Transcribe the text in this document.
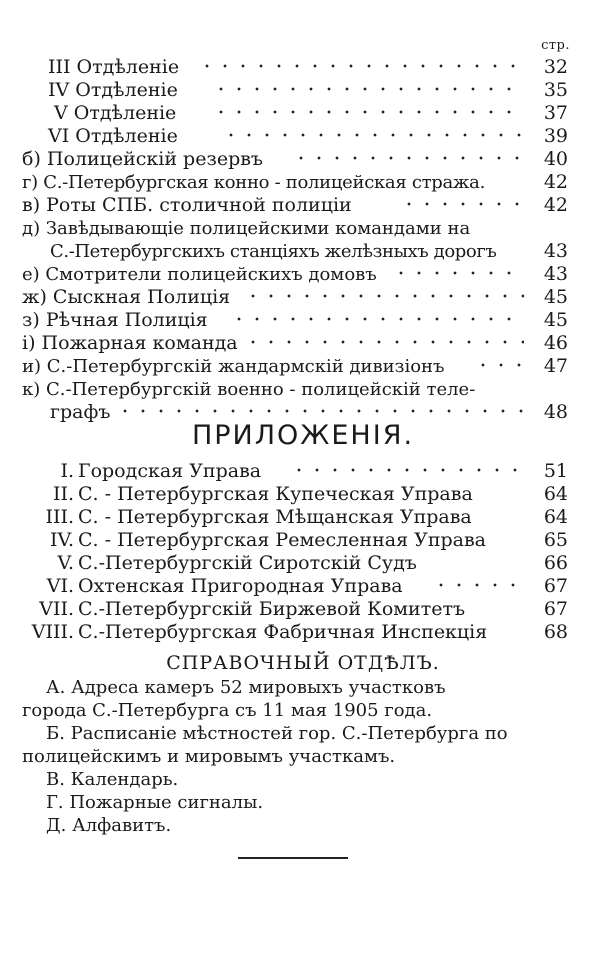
стр.
III Отдѣленіе	32
IV Отдѣленіе	35
V Отдѣленіе	37
VI Отдѣленіе	39
б) Полицейскій резервъ	40
г) С.-Петербургская конно - полицейская стража.	42
в) Роты СПБ. столичной полиціи	42
д) Завѣдывающіе полицейскими командами на
С.-Петербургскихъ станціяхъ желѣзныхъ дорогъ 43
е) Смотрители полицейскихъ домовъ	43
ж) Сыскная Полиція	45
з) Рѣчная Полиція	45
і) Пожарная команда	46
и) С.-Петербургскій жандармскій дивизіонъ	47
к) С.-Петербургскій военно - полицейскій теле-
графъ	48
ПРИЛОЖЕНІЯ.
I. Городская Управа	51
II. С. - Петербургская Купеческая Управа	64
III. С. - Петербургская Мѣщанская Управа	64
IV. С. - Петербургская Ремесленная Управа	65
V. С.-Петербургскій Сиротскій Судъ	66
VI. Охтенская Пригородная Управа	67
VII. С.-Петербургскій Биржевой Комитетъ	67
VIII. С.-Петербургская Фабричная Инспекція	68
СПРАВОЧНЫЙ ОТДѢЛЪ.
А. Адреса камеръ 52 мировыхъ участковъ
города С.-Петербурга съ 11 мая 1905 года.
Б. Расписаніе мѣстностей гор. С.-Петербурга по
полицейскимъ и мировымъ участкамъ.
В. Календарь.
Г. Пожарные сигналы.
Д. Алфавитъ.
